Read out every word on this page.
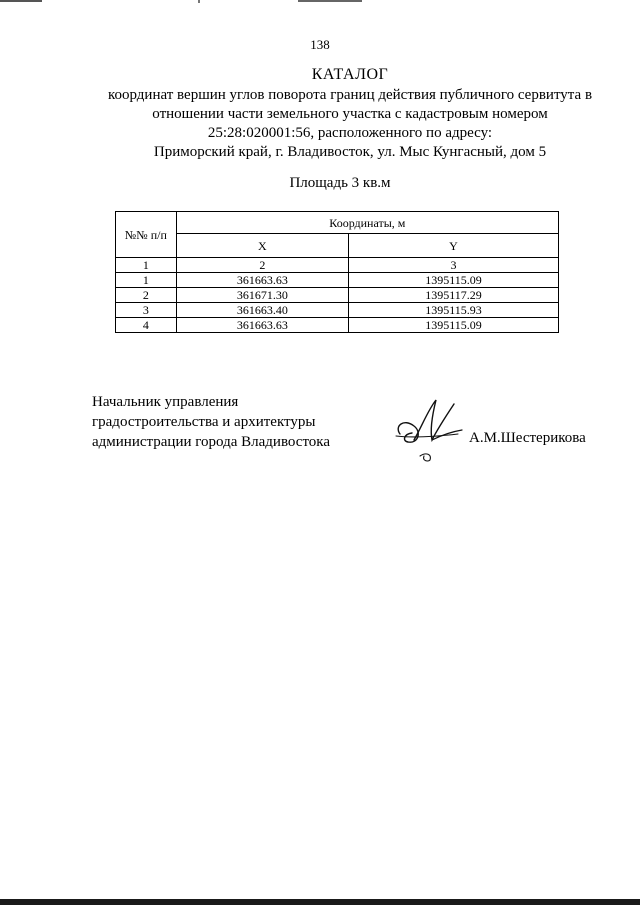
138
КАТАЛОГ
координат вершин углов поворота границ действия публичного сервитута в
отношении части земельного участка с кадастровым номером
25:28:020001:56, расположенного по адресу:
Приморский край, г. Владивосток, ул. Мыс Кунгасный, дом 5
Площадь 3 кв.м
№№ п/п	Координаты, м	
	X	Y
1	2	3
1	361663.63	1395115.09
2	361671.30	1395117.29
3	361663.40	1395115.93
4	361663.63	1395115.09
Начальник управления
градостроительства и архитектуры
администрации города Владивостока	А.М.Шестерикова
